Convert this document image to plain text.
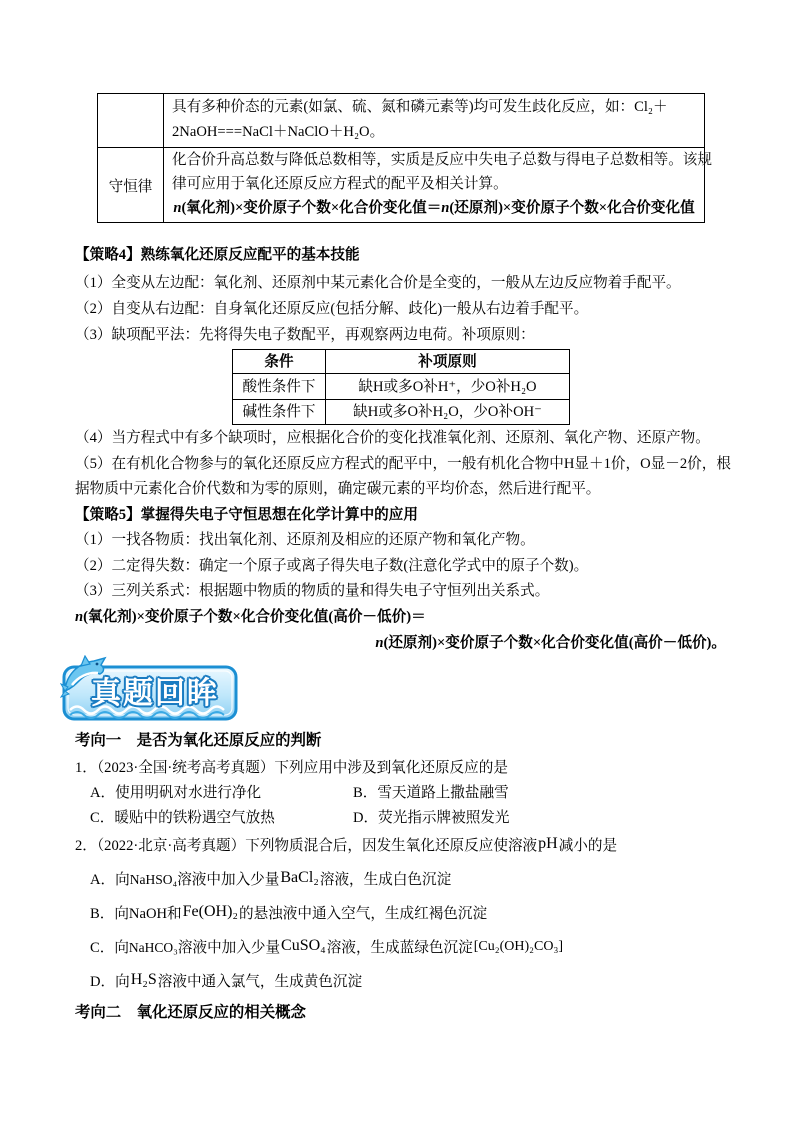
	具有多种价态的元素(如氯、硫、氮和磷元素等)均可发生歧化反应，如：Cl₂＋
2NaOH===NaCl＋NaClO＋H₂O。

守恒律	化合价升高总数与降低总数相等，实质是反应中失电子总数与得电子总数相等。该规
律可应用于氧化还原反应方程式的配平及相关计算。
n(氧化剂)×变价原子个数×化合价变化值＝n(还原剂)×变价原子个数×化合价变化值
【策略4】熟练氧化还原反应配平的基本技能
（1）全变从左边配：氧化剂、还原剂中某元素化合价是全变的，一般从左边反应物着手配平。
（2）自变从右边配：自身氧化还原反应(包括分解、歧化)一般从右边着手配平。
（3）缺项配平法：先将得失电子数配平，再观察两边电荷。补项原则：
条件	补项原则
酸性条件下	缺H或多O补H⁺，少O补H₂O
碱性条件下	缺H或多O补H₂O，少O补OH⁻
（4）当方程式中有多个缺项时，应根据化合价的变化找准氧化剂、还原剂、氧化产物、还原产物。
（5）在有机化合物参与的氧化还原反应方程式的配平中，一般有机化合物中H显＋1价，O显－2价，根
据物质中元素化合价代数和为零的原则，确定碳元素的平均价态，然后进行配平。
【策略5】掌握得失电子守恒思想在化学计算中的应用
（1）一找各物质：找出氧化剂、还原剂及相应的还原产物和氧化产物。
（2）二定得失数：确定一个原子或离子得失电子数(注意化学式中的原子个数)。
（3）三列关系式：根据题中物质的物质的量和得失电子守恒列出关系式。
n(氧化剂)×变价原子个数×化合价变化值(高价－低价)＝
n(还原剂)×变价原子个数×化合价变化值(高价－低价)。
真题回眸
考向一　是否为氧化还原反应的判断
1．（2023·全国·统考高考真题）下列应用中涉及到氧化还原反应的是
A．使用明矾对水进行净化	B．雪天道路上撒盐融雪
C．暖贴中的铁粉遇空气放热	D．荧光指示牌被照发光
2．（2022·北京·高考真题）下列物质混合后，因发生氧化还原反应使溶液pH减小的是
A．向NaHSO₄溶液中加入少量BaCl₂溶液，生成白色沉淀
B．向NaOH和Fe(OH)₂的悬浊液中通入空气，生成红褐色沉淀
C．向NaHCO₃溶液中加入少量CuSO₄溶液，生成蓝绿色沉淀[Cu₂(OH)₂CO₃]
D．向H₂S溶液中通入氯气，生成黄色沉淀
考向二　氧化还原反应的相关概念
